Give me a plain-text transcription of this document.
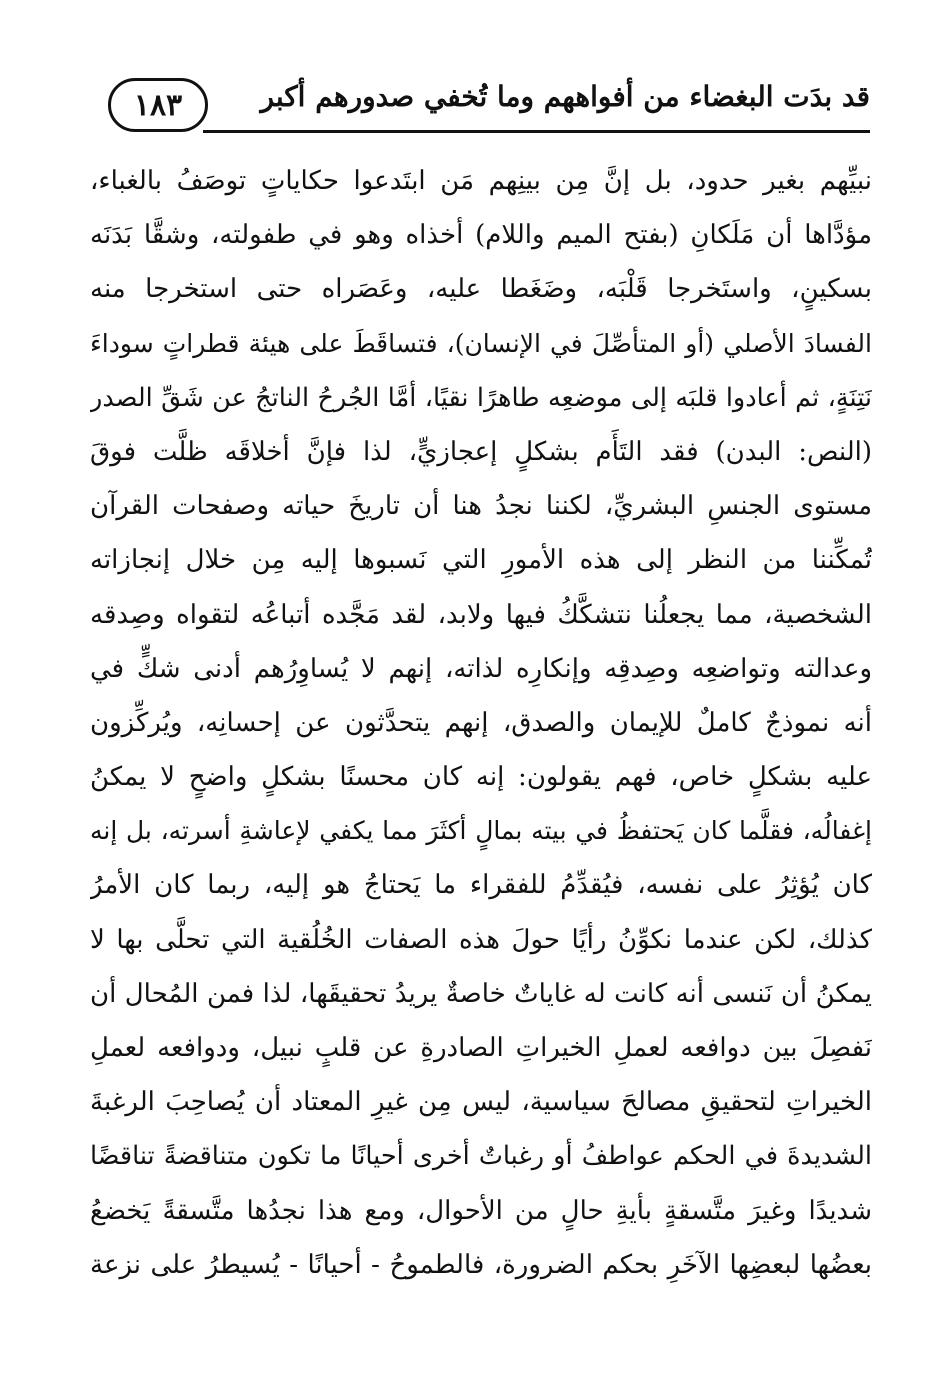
قد بدَت البغضاء من أفواههم وما تُخفي صدورهم أكبر
١٨٣
نبيِّهم بغير حدود، بل إنَّ مِن بينِهم مَن ابتَدعوا حكاياتٍ توصَفُ بالغباء،
مؤدَّاها أن مَلَكانِ (بفتح الميم واللام) أخذاه وهو في طفولته، وشقَّا بَدَنَه
بسكينٍ، واستَخرجا قَلْبَه، وضَغَطا عليه، وعَصَراه حتى استخرجا منه
الفسادَ الأصلي (أو المتأصِّلَ في الإنسان)، فتساقَطَ على هيئة قطراتٍ سوداءَ
نَتِنَةٍ، ثم أعادوا قلبَه إلى موضعِه طاهرًا نقيًا، أمَّا الجُرحُ الناتجُ عن شَقِّ الصدر
(النص: البدن) فقد التَأَم بشكلٍ إعجازيٍّ، لذا فإنَّ أخلاقَه ظلَّت فوقَ
مستوى الجنسِ البشريِّ، لكننا نجدُ هنا أن تاريخَ حياته وصفحات القرآن
تُمكِّننا من النظر إلى هذه الأمورِ التي نَسبوها إليه مِن خلال إنجازاته
الشخصية، مما يجعلُنا نتشكَّكُ فيها ولابد، لقد مَجَّده أتباعُه لتقواه وصِدقه
وعدالته وتواضعِه وصِدقِه وإنكارِه لذاته، إنهم لا يُساوِرُهم أدنى شكٍّ في
أنه نموذجٌ كاملٌ للإيمان والصدق، إنهم يتحدَّثون عن إحسانِه، ويُركِّزون
عليه بشكلٍ خاص، فهم يقولون: إنه كان محسنًا بشكلٍ واضحٍ لا يمكنُ
إغفالُه، فقلَّما كان يَحتفظُ في بيته بمالٍ أكثَرَ مما يكفي لإعاشةِ أسرته، بل إنه
كان يُؤثِرُ على نفسه، فيُقدِّمُ للفقراء ما يَحتاجُ هو إليه، ربما كان الأمرُ
كذلك، لكن عندما نكوِّنُ رأيًا حولَ هذه الصفات الخُلُقية التي تحلَّى بها لا
يمكنُ أن نَنسى أنه كانت له غاياتٌ خاصةٌ يريدُ تحقيقَها، لذا فمن المُحال أن
نَفصِلَ بين دوافعه لعملِ الخيراتِ الصادرةِ عن قلبٍ نبيل، ودوافعه لعملِ
الخيراتِ لتحقيقِ مصالحَ سياسية، ليس مِن غيرِ المعتاد أن يُصاحِبَ الرغبةَ
الشديدةَ في الحكم عواطفُ أو رغباتٌ أخرى أحيانًا ما تكون متناقضةً تناقضًا
شديدًا وغيرَ متَّسقةٍ بأيةِ حالٍ من الأحوال، ومع هذا نجدُها متَّسقةً يَخضعُ
بعضُها لبعضِها الآخَرِ بحكم الضرورة، فالطموحُ - أحيانًا - يُسيطرُ على نزعة
